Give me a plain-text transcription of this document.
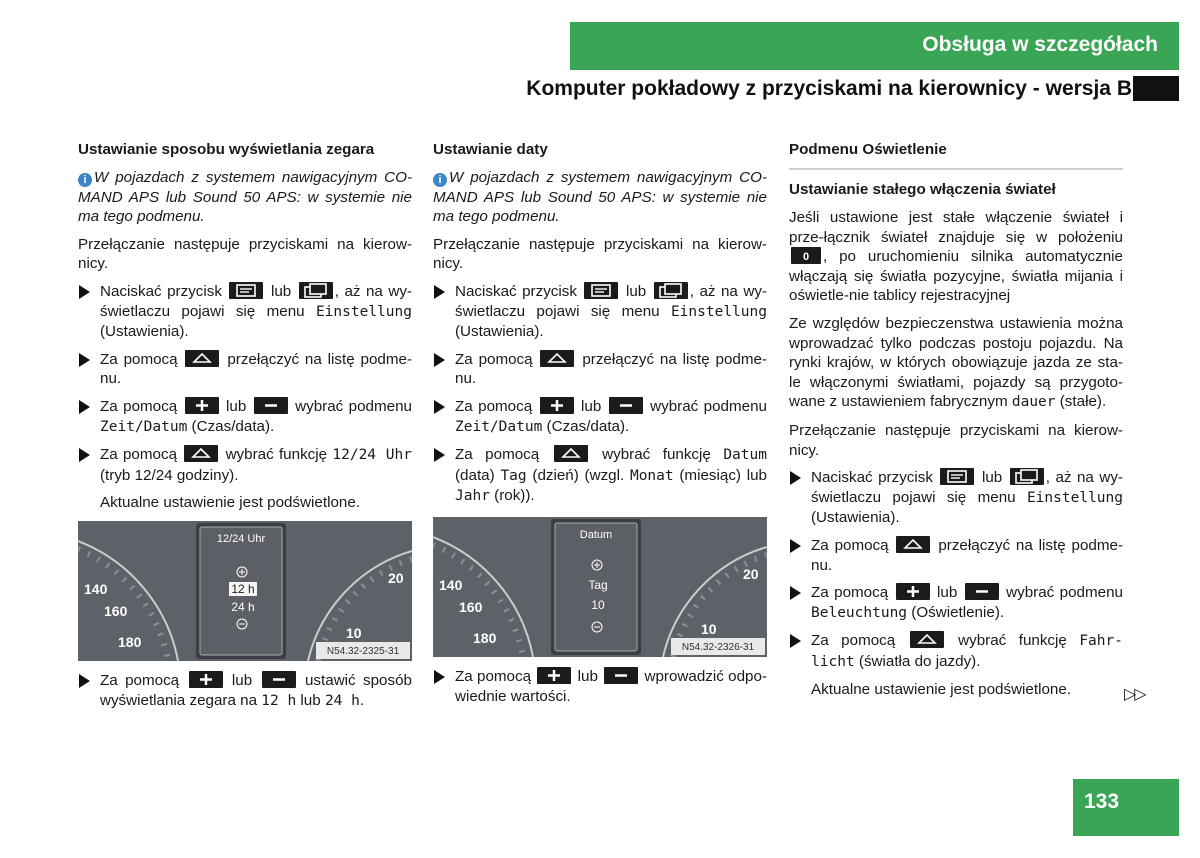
Obsługa w szczegółach
Komputer pokładowy z przyciskami na kierownicy - wersja B
Ustawianie sposobu wyświetlania zegara

i W pojazdach z systemem nawigacyjnym CO-MAND APS lub Sound 50 APS: w systemie nie ma tego podmenu.

Przełączanie następuje przyciskami na kierow-nicy.

Naciskać przycisk	lub	, aż na wy-świetlaczu pojawi się menu Einstellung (Ustawienia).
Za pomocą	przełączyć na listę podme-nu.
Za pomocą	lub	wybrać podmenu Zeit/Datum (Czas/data).
Za pomocą	wybrać funkcję 12/24 Uhr (tryb 12/24 godziny).

Aktualne ustawienie jest podświetlone.

140
160
180
20
10
12/24 Uhr
12 h
24 h
N54.32-2325-31
Za pomocą	lub	ustawić sposób wyświetlania zegara na 12 h lub 24 h.
Ustawianie daty

i W pojazdach z systemem nawigacyjnym CO-MAND APS lub Sound 50 APS: w systemie nie ma tego podmenu.

Przełączanie następuje przyciskami na kierow-nicy.

Naciskać przycisk	lub	, aż na wy-świetlaczu pojawi się menu Einstellung (Ustawienia).
Za pomocą	przełączyć na listę podme-nu.
Za pomocą	lub	wybrać podmenu Zeit/Datum (Czas/data).
Za pomocą	wybrać funkcję Datum (data) Tag (dzień) (wzgl. Monat (miesiąc) lub Jahr (rok)).
140
160
180
20
10
Datum
Tag
10
N54.32-2326-31
Za pomocą	lub	wprowadzić odpo-wiednie wartości.
Podmenu Oświetlenie
Ustawianie stałego włączenia świateł

Jeśli ustawione jest stałe włączenie świateł i prze-łącznik świateł znajduje się w położeniu
0 , po uruchomieniu silnika automatycznie włączają się światła pozycyjne, światła mijania i oświetle-nie tablicy rejestracyjnej

Ze względów bezpieczenstwa ustawienia można wprowadzać tylko podczas postoju pojazdu. Na rynki krajów, w których obowiązuje jazda ze sta-le włączonymi światłami, pojazdy są przygoto-wane z ustawieniem fabrycznym dauer (stałe).

Przełączanie następuje przyciskami na kierow-nicy.

Naciskać przycisk	lub	, aż na wy-świetlaczu pojawi się menu Einstellung (Ustawienia).
Za pomocą	przełączyć na listę podme-nu.
Za pomocą	lub	wybrać podmenu Beleuchtung (Oświetlenie).
Za pomocą	wybrać funkcję Fahr-licht (światła do jazdy).

Aktualne ustawienie jest podświetlone.	▷▷
133
